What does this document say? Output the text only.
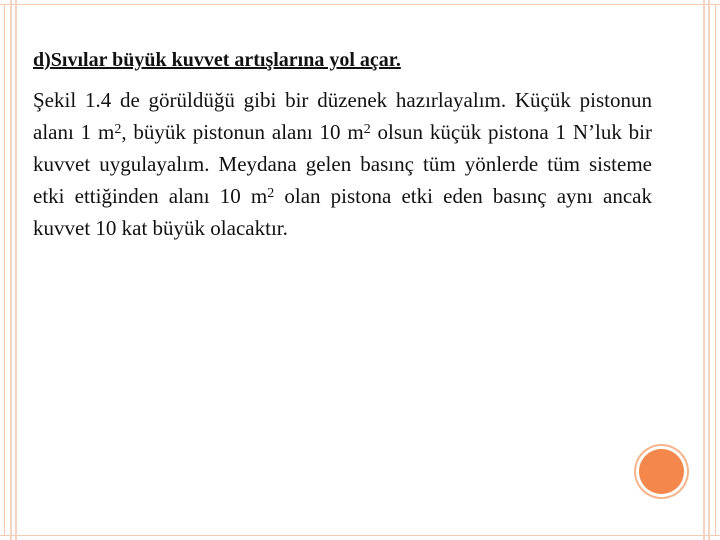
d)Sıvılar büyük kuvvet artışlarına yol açar.

Şekil 1.4 de görüldüğü gibi bir düzenek hazırlayalım. Küçük pistonun alanı 1 $m^2$, büyük pistonun alanı 10 $m^2$ olsun küçük pistona 1 N’luk bir kuvvet uygulayalım. Meydana gelen basınç tüm yönlerde tüm sisteme etki ettiğinden alanı 10 $m^2$ olan pistona etki eden basınç aynı ancak kuvvet 10 kat büyük olacaktır.
